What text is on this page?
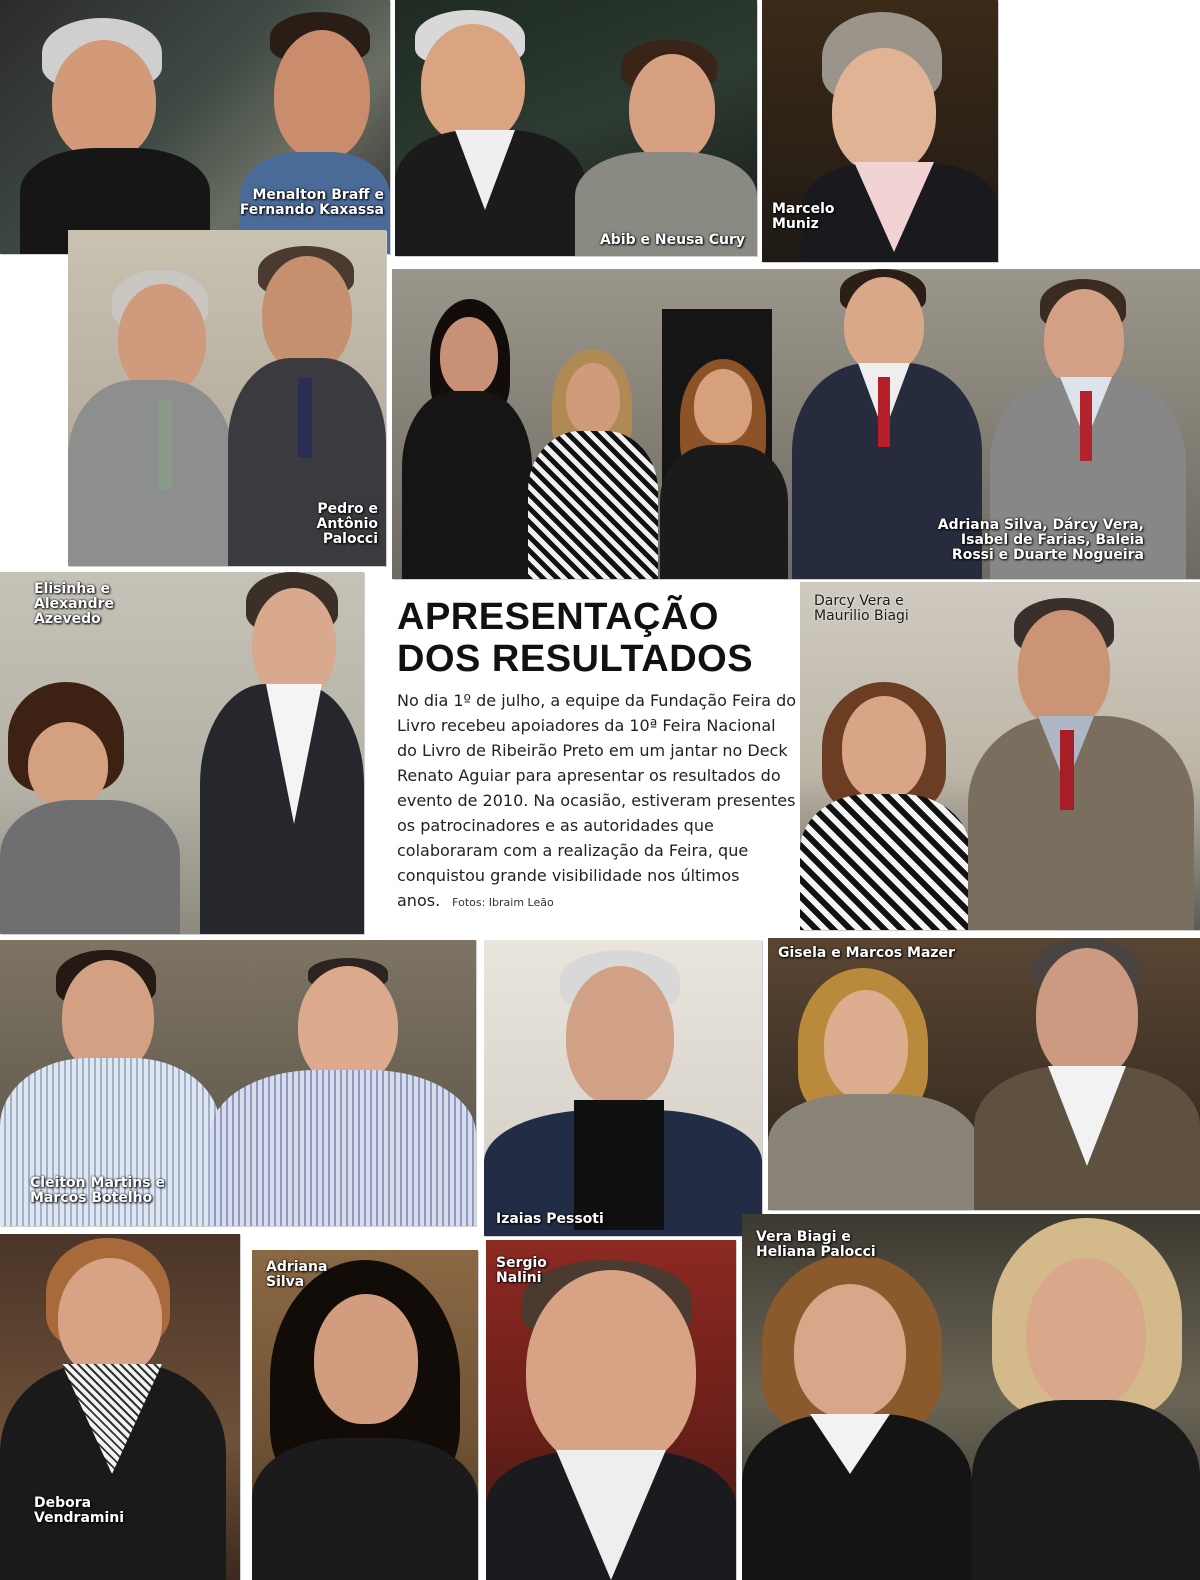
Menalton Braff e
Fernando Kaxassa
Abib e Neusa Cury
Marcelo
Muniz
Pedro e
Antônio
Palocci
Adriana Silva, Dárcy Vera,
Isabel de Farias, Baleia
Rossi e Duarte Nogueira
Elisinha e
Alexandre
Azevedo	APRESENTAÇÃO
DOS RESULTADOS
No dia 1º de julho, a equipe da Fundação Feira do Livro recebeu apoiadores da 10ª Feira Nacional do Livro de Ribeirão Preto em um jantar no Deck Renato Aguiar para apresentar os resultados do evento de 2010. Na ocasião, estiveram presentes os patrocinadores e as autoridades que colaboraram com a realização da Feira, que conquistou grande visibilidade nos últimos anos. Fotos: Ibraim Leão
Darcy Vera e
Maurilio Biagi
Cleiton Martins e
Marcos Botelho
Izaias Pessoti
Gisela e Marcos Mazer
Debora
Vendramini
Adriana
Silva
Sergio
Nalini
Vera Biagi e
Heliana Palocci
